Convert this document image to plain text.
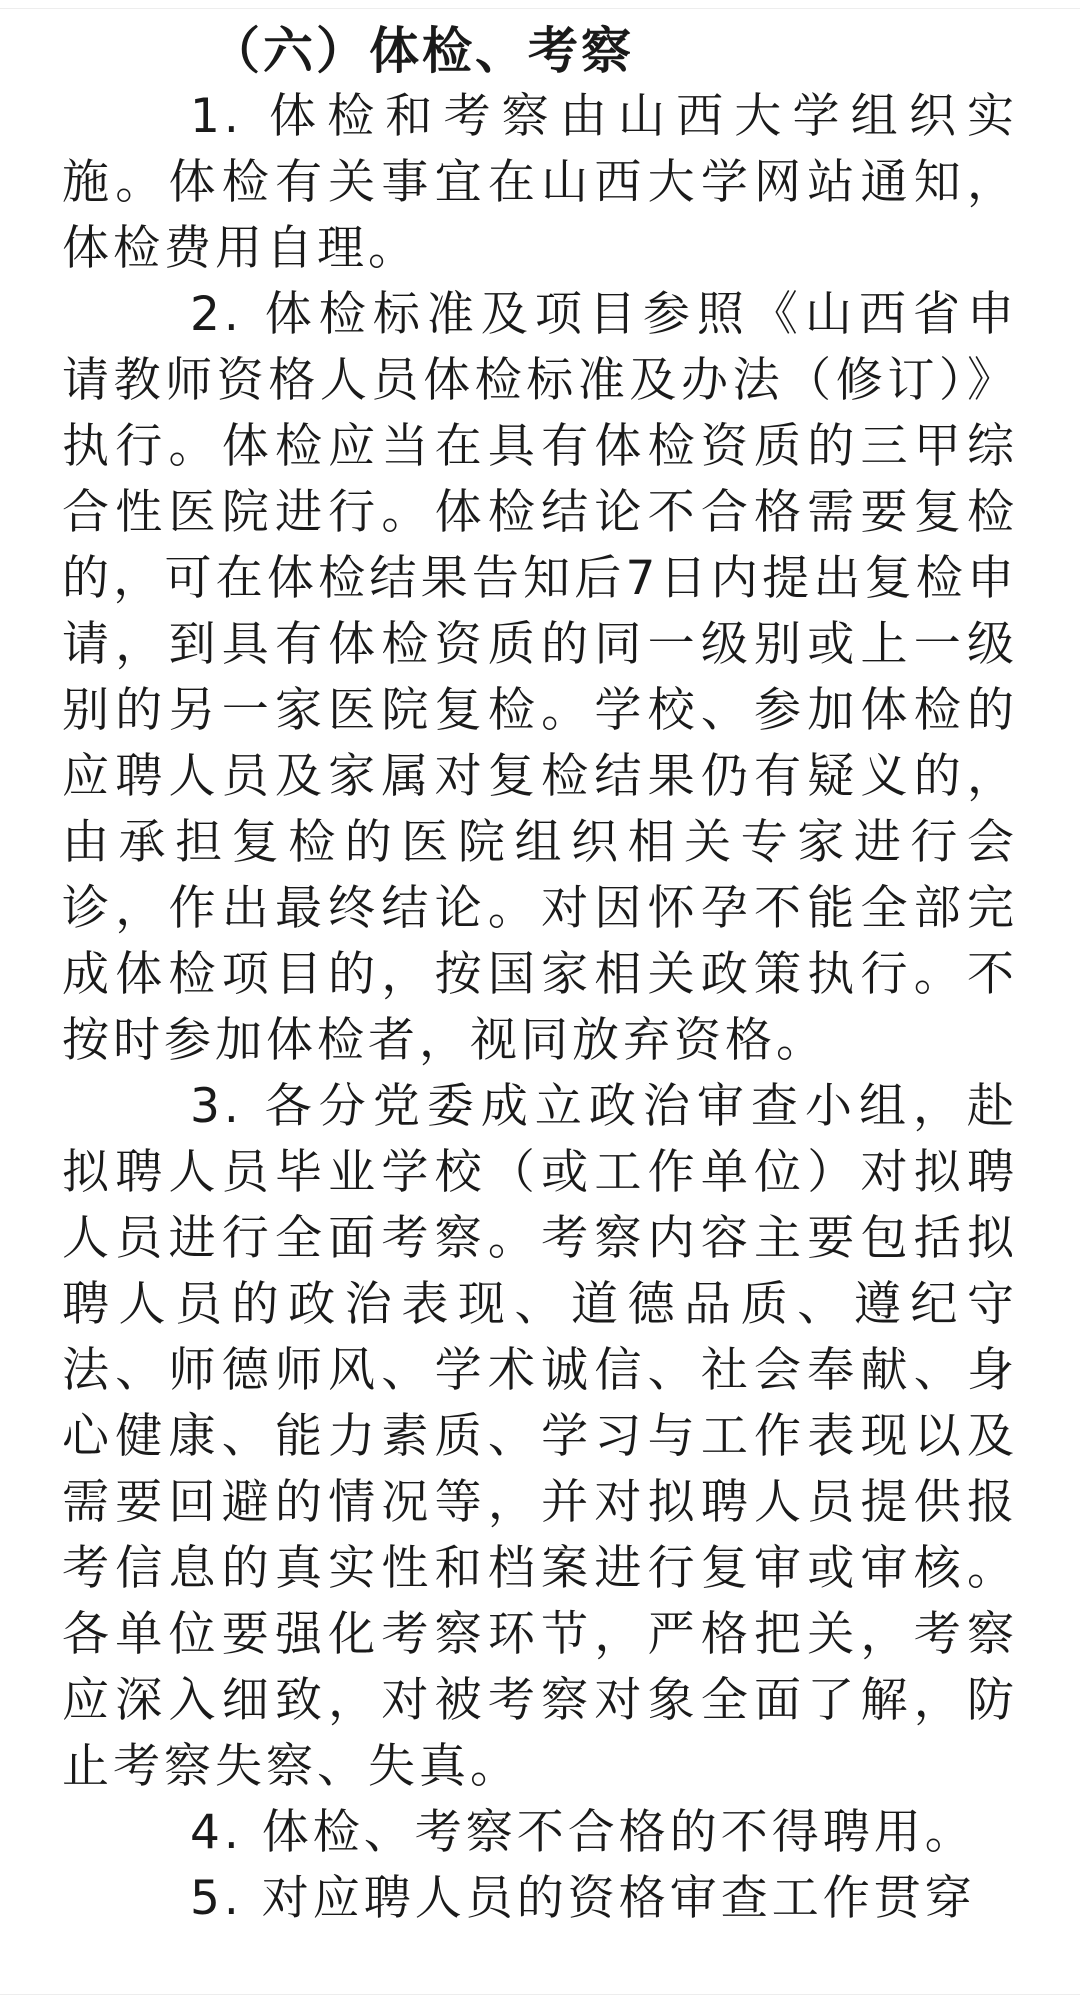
（六）体检、考察

1. 体检和考察由山西大学组织实施。体检有关事宜在山西大学网站通知，体检费用自理。

2. 体检标准及项目参照《山西省申请教师资格人员体检标准及办法（修订）》执行。体检应当在具有体检资质的三甲综合性医院进行。体检结论不合格需要复检的，可在体检结果告知后7日内提出复检申请，到具有体检资质的同一级别或上一级别的另一家医院复检。学校、参加体检的应聘人员及家属对复检结果仍有疑义的，由承担复检的医院组织相关专家进行会诊，作出最终结论。对因怀孕不能全部完成体检项目的，按国家相关政策执行。不按时参加体检者，视同放弃资格。

3. 各分党委成立政治审查小组，赴拟聘人员毕业学校（或工作单位）对拟聘人员进行全面考察。考察内容主要包括拟聘人员的政治表现、道德品质、遵纪守法、师德师风、学术诚信、社会奉献、身心健康、能力素质、学习与工作表现以及需要回避的情况等，并对拟聘人员提供报考信息的真实性和档案进行复审或审核。各单位要强化考察环节，严格把关，考察应深入细致，对被考察对象全面了解，防止考察失察、失真。

4. 体检、考察不合格的不得聘用。

5. 对应聘人员的资格审查工作贯穿
